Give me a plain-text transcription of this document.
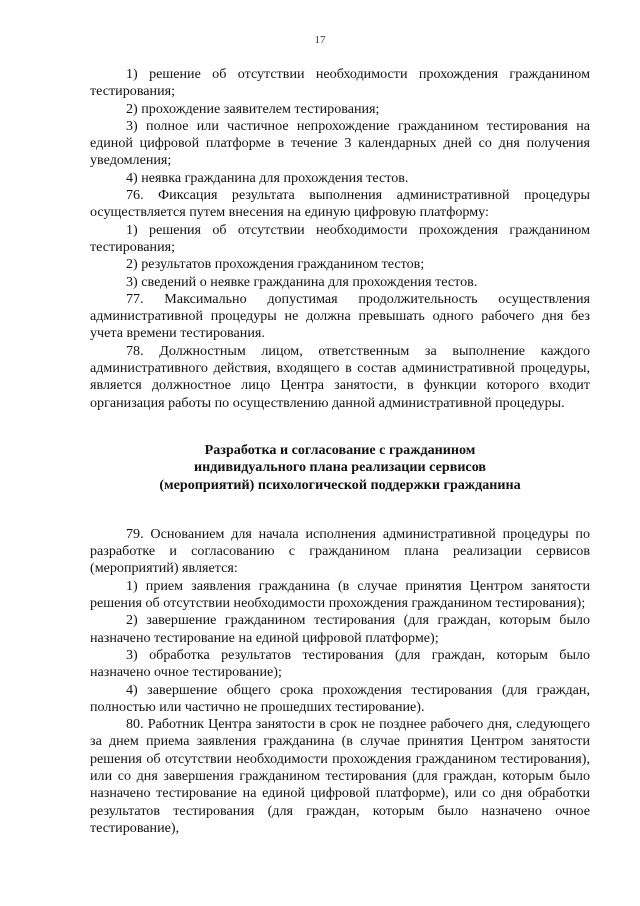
17

1) решение об отсутствии необходимости прохождения гражданином тестирования;

2) прохождение заявителем тестирования;

3) полное или частичное непрохождение гражданином тестирования на единой цифровой платформе в течение 3 календарных дней со дня получения уведомления;

4) неявка гражданина для прохождения тестов.

76. Фиксация результата выполнения административной процедуры осуществляется путем внесения на единую цифровую платформу:

1) решения об отсутствии необходимости прохождения гражданином тестирования;

2) результатов прохождения гражданином тестов;

3) сведений о неявке гражданина для прохождения тестов.

77. Максимально допустимая продолжительность осуществления административной процедуры не должна превышать одного рабочего дня без учета времени тестирования.

78. Должностным лицом, ответственным за выполнение каждого административного действия, входящего в состав административной процедуры, является должностное лицо Центра занятости, в функции которого входит организация работы по осуществлению данной административной процедуры.

Разработка и согласование с гражданином
индивидуального плана реализации сервисов
(мероприятий) психологической поддержки гражданина

79. Основанием для начала исполнения административной процедуры по разработке и согласованию с гражданином плана реализации сервисов (мероприятий) является:

1) прием заявления гражданина (в случае принятия Центром занятости решения об отсутствии необходимости прохождения гражданином тестирования);

2) завершение гражданином тестирования (для граждан, которым было назначено тестирование на единой цифровой платформе);

3) обработка результатов тестирования (для граждан, которым было назначено очное тестирование);

4) завершение общего срока прохождения тестирования (для граждан, полностью или частично не прошедших тестирование).

80. Работник Центра занятости в срок не позднее рабочего дня, следующего за днем приема заявления гражданина (в случае принятия Центром занятости решения об отсутствии необходимости прохождения гражданином тестирования), или со дня завершения гражданином тестирования (для граждан, которым было назначено тестирование на единой цифровой платформе), или со дня обработки результатов тестирования (для граждан, которым было назначено очное тестирование),
